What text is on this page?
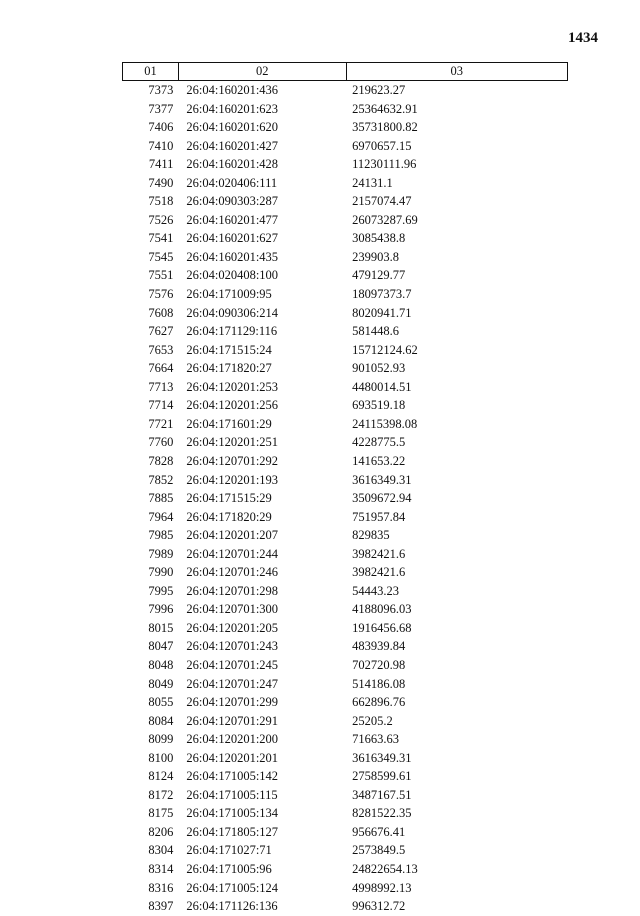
1434
01	02	03
7373	26:04:160201:436	219623.27
7377	26:04:160201:623	25364632.91
7406	26:04:160201:620	35731800.82
7410	26:04:160201:427	6970657.15
7411	26:04:160201:428	11230111.96
7490	26:04:020406:111	24131.1
7518	26:04:090303:287	2157074.47
7526	26:04:160201:477	26073287.69
7541	26:04:160201:627	3085438.8
7545	26:04:160201:435	239903.8
7551	26:04:020408:100	479129.77
7576	26:04:171009:95	18097373.7
7608	26:04:090306:214	8020941.71
7627	26:04:171129:116	581448.6
7653	26:04:171515:24	15712124.62
7664	26:04:171820:27	901052.93
7713	26:04:120201:253	4480014.51
7714	26:04:120201:256	693519.18
7721	26:04:171601:29	24115398.08
7760	26:04:120201:251	4228775.5
7828	26:04:120701:292	141653.22
7852	26:04:120201:193	3616349.31
7885	26:04:171515:29	3509672.94
7964	26:04:171820:29	751957.84
7985	26:04:120201:207	829835
7989	26:04:120701:244	3982421.6
7990	26:04:120701:246	3982421.6
7995	26:04:120701:298	54443.23
7996	26:04:120701:300	4188096.03
8015	26:04:120201:205	1916456.68
8047	26:04:120701:243	483939.84
8048	26:04:120701:245	702720.98
8049	26:04:120701:247	514186.08
8055	26:04:120701:299	662896.76
8084	26:04:120701:291	25205.2
8099	26:04:120201:200	71663.63
8100	26:04:120201:201	3616349.31
8124	26:04:171005:142	2758599.61
8172	26:04:171005:115	3487167.51
8175	26:04:171005:134	8281522.35
8206	26:04:171805:127	956676.41
8304	26:04:171027:71	2573849.5
8314	26:04:171005:96	24822654.13
8316	26:04:171005:124	4998992.13
8397	26:04:171126:136	996312.72
